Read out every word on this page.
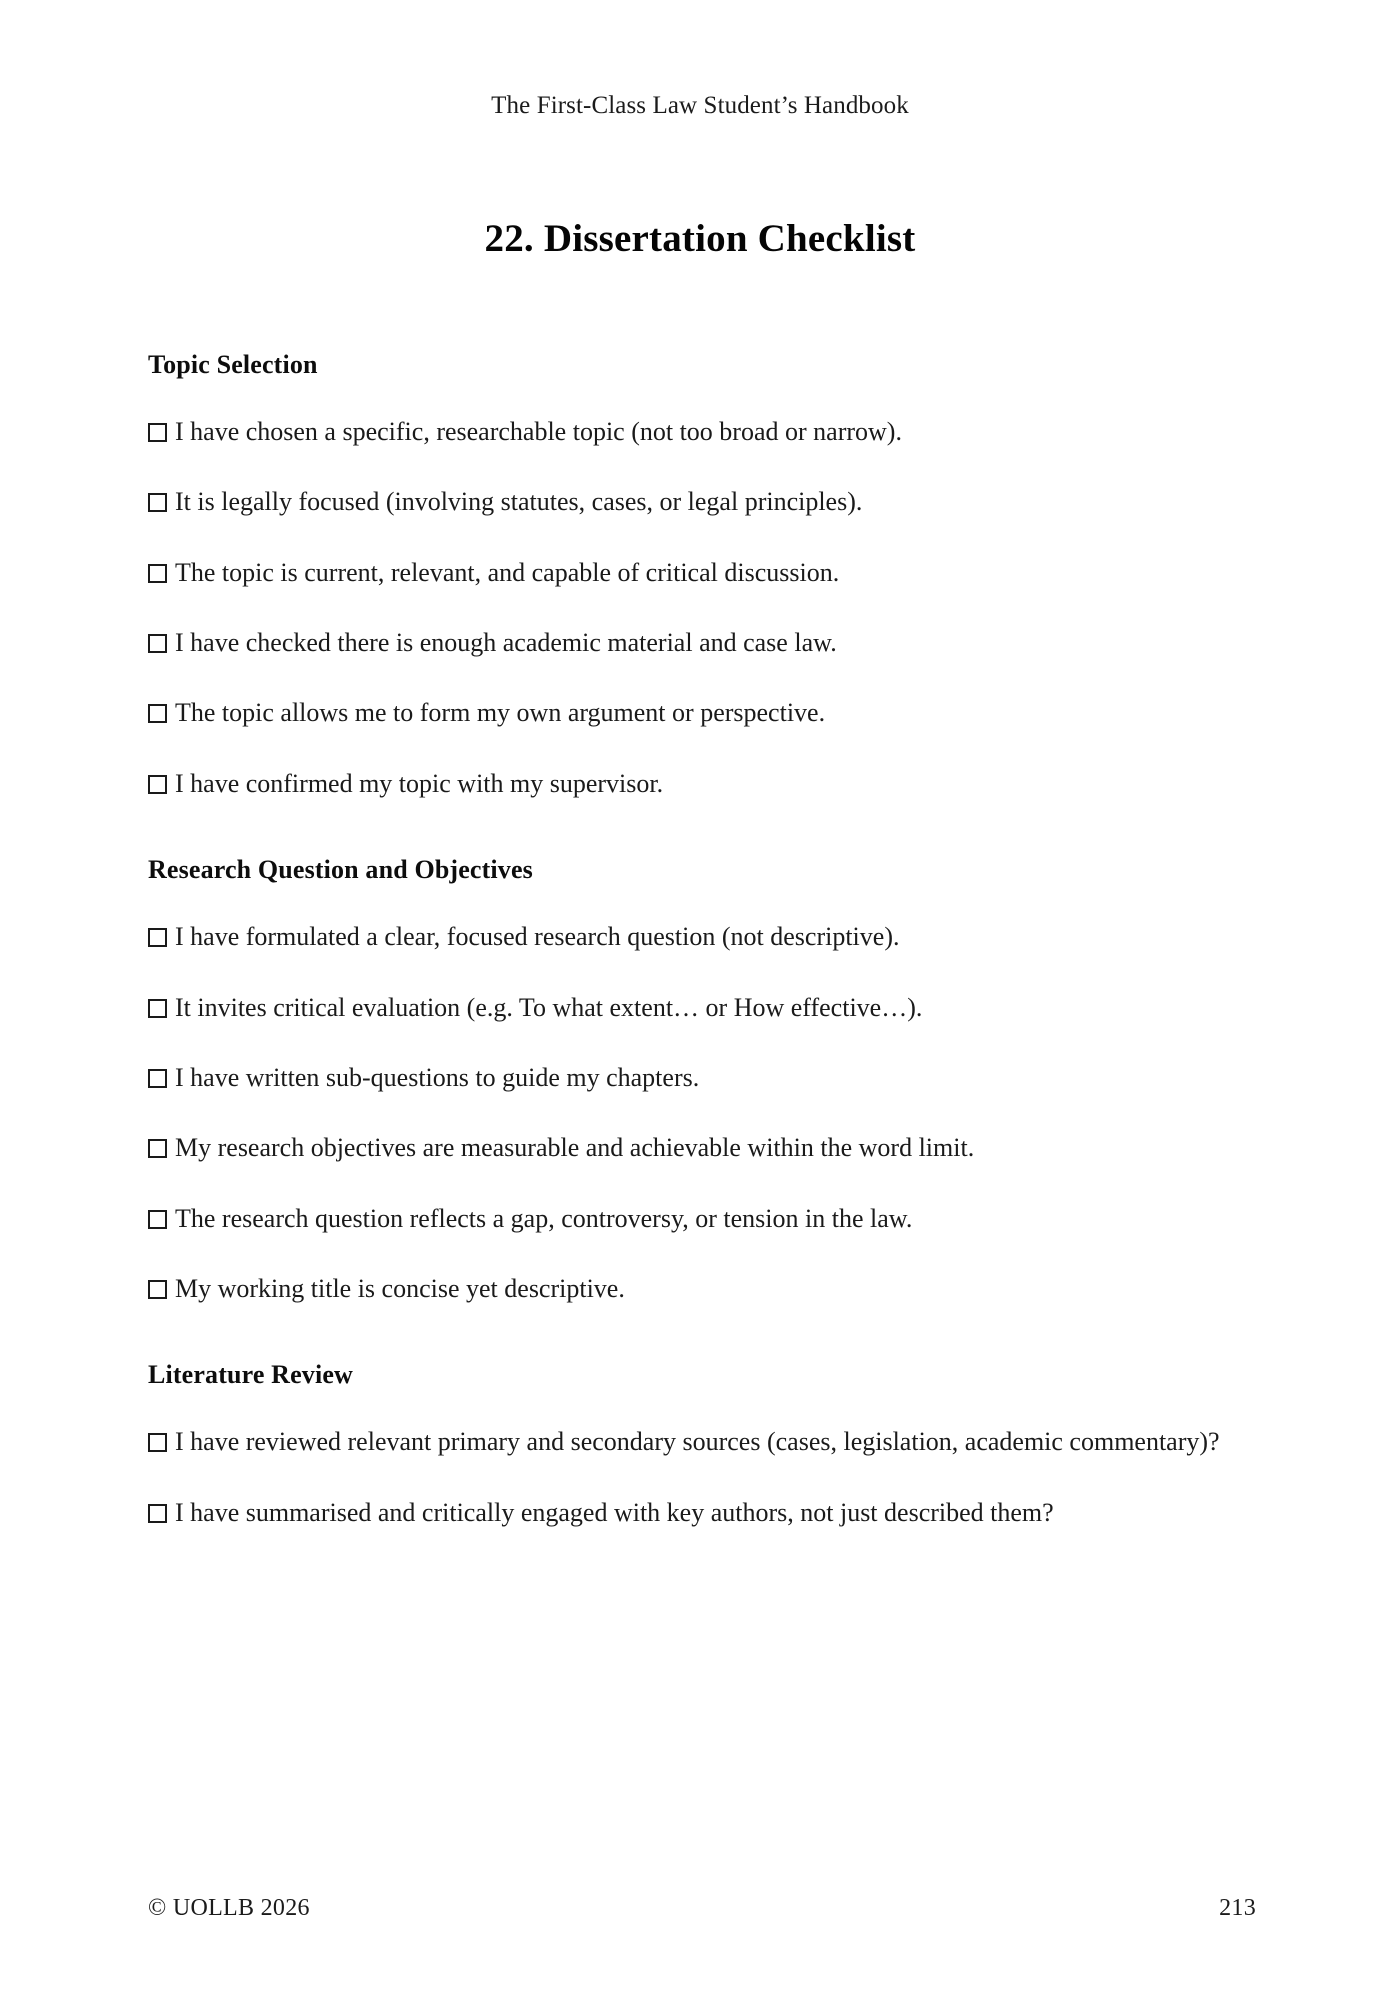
The First-Class Law Student’s Handbook
22. Dissertation Checklist
Topic Selection
I have chosen a specific, researchable topic (not too broad or narrow).
It is legally focused (involving statutes, cases, or legal principles).
The topic is current, relevant, and capable of critical discussion.
I have checked there is enough academic material and case law.
The topic allows me to form my own argument or perspective.
I have confirmed my topic with my supervisor.
Research Question and Objectives
I have formulated a clear, focused research question (not descriptive).
It invites critical evaluation (e.g. To what extent… or How effective…).
I have written sub-questions to guide my chapters.
My research objectives are measurable and achievable within the word limit.
The research question reflects a gap, controversy, or tension in the law.
My working title is concise yet descriptive.
Literature Review
I have reviewed relevant primary and secondary sources (cases, legislation, academic commentary)?
I have summarised and critically engaged with key authors, not just described them?
© UOLLB 2026	213
